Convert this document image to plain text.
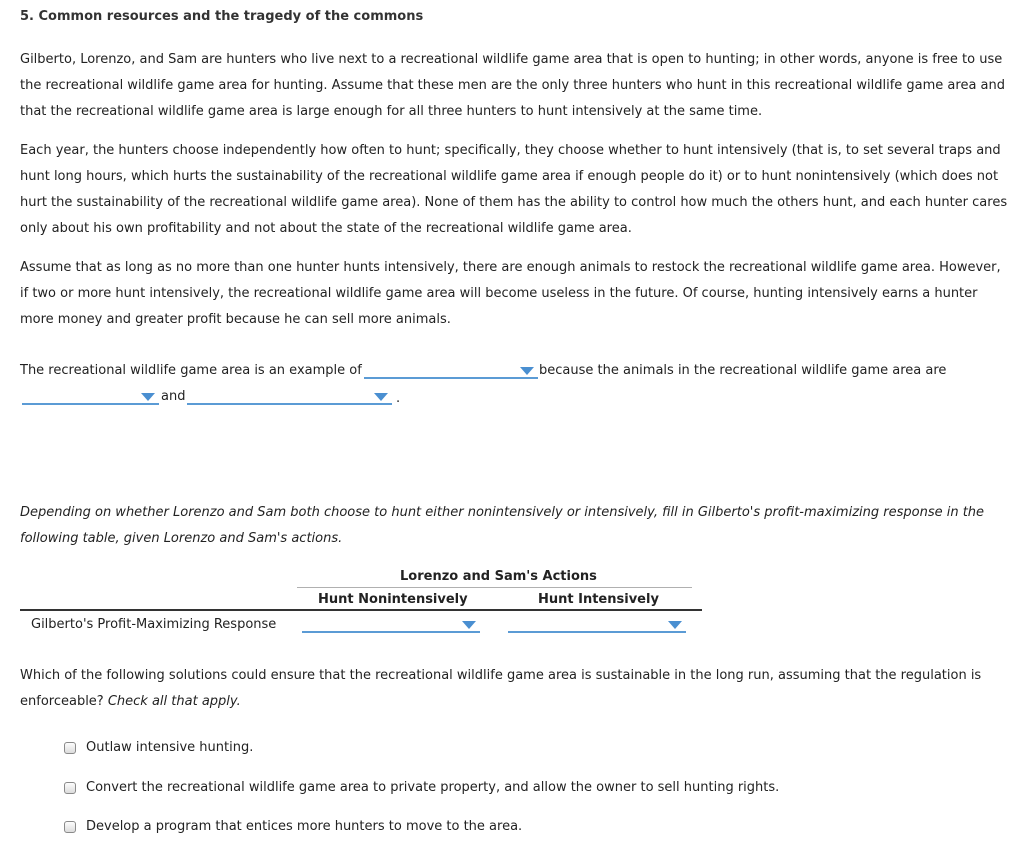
5. Common resources and the tragedy of the commons

Gilberto, Lorenzo, and Sam are hunters who live next to a recreational wildlife game area that is open to hunting; in other words, anyone is free to use the recreational wildlife game area for hunting. Assume that these men are the only three hunters who hunt in this recreational wildlife game area and that the recreational wildlife game area is large enough for all three hunters to hunt intensively at the same time.

Each year, the hunters choose independently how often to hunt; specifically, they choose whether to hunt intensively (that is, to set several traps and hunt long hours, which hurts the sustainability of the recreational wildlife game area if enough people do it) or to hunt nonintensively (which does not hurt the sustainability of the recreational wildlife game area). None of them has the ability to control how much the others hunt, and each hunter cares only about his own profitability and not about the state of the recreational wildlife game area.

Assume that as long as no more than one hunter hunts intensively, there are enough animals to restock the recreational wildlife game area. However, if two or more hunt intensively, the recreational wildlife game area will become useless in the future. Of course, hunting intensively earns a hunter more money and greater profit because he can sell more animals.

The recreational wildlife game area is an example of	because the animals in the recreational wildlife game area are
and	.

Depending on whether Lorenzo and Sam both choose to hunt either nonintensively or intensively, fill in Gilberto's profit-maximizing response in the following table, given Lorenzo and Sam's actions.

Lorenzo and Sam's Actions
Hunt Nonintensively	Hunt Intensively
Gilberto's Profit-Maximizing Response

Which of the following solutions could ensure that the recreational wildlife game area is sustainable in the long run, assuming that the regulation is enforceable? Check all that apply.

Outlaw intensive hunting.
Convert the recreational wildlife game area to private property, and allow the owner to sell hunting rights.
Develop a program that entices more hunters to move to the area.
